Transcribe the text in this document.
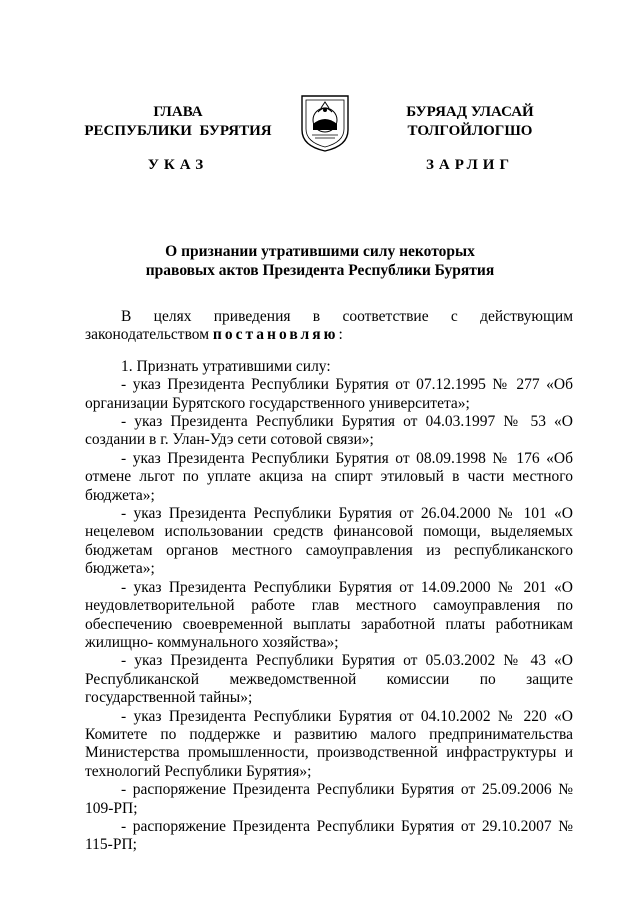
ГЛАВА
РЕСПУБЛИКИ  БУРЯТИЯ
БУРЯАД УЛАСАЙ
ТОЛГОЙЛОГШО
УКАЗ	ЗАРЛИГ
О признании утратившими силу некоторых
правовых актов Президента Республики Бурятия

В целях приведения в соответствие с действующим законодательством постановляю:

1. Признать утратившими силу:

- указ Президента Республики Бурятия от 07.12.1995 № 277 «Об организации Бурятского государственного университета»;

- указ Президента Республики Бурятия от 04.03.1997 № 53 «О создании в г. Улан-Удэ сети сотовой связи»;

- указ Президента Республики Бурятия от 08.09.1998 № 176 «Об отмене льгот по уплате акциза на спирт этиловый в части местного бюджета»;

- указ Президента Республики Бурятия от 26.04.2000 № 101 «О нецелевом использовании средств финансовой помощи, выделяемых бюджетам органов местного самоуправления из республиканского бюджета»;

- указ Президента Республики Бурятия от 14.09.2000 № 201 «О неудовлетворительной работе глав местного самоуправления по обеспечению своевременной выплаты заработной платы работникам жилищно- коммунального хозяйства»;

- указ Президента Республики Бурятия от 05.03.2002 № 43 «О Республиканской межведомственной комиссии по защите государственной тайны»;

- указ Президента Республики Бурятия от 04.10.2002 № 220 «О Комитете по поддержке и развитию малого предпринимательства Министерства промышленности, производственной инфраструктуры и технологий Республики Бурятия»;

- распоряжение Президента Республики Бурятия от 25.09.2006 № 109-РП;

- распоряжение Президента Республики Бурятия от 29.10.2007 № 115-РП;
